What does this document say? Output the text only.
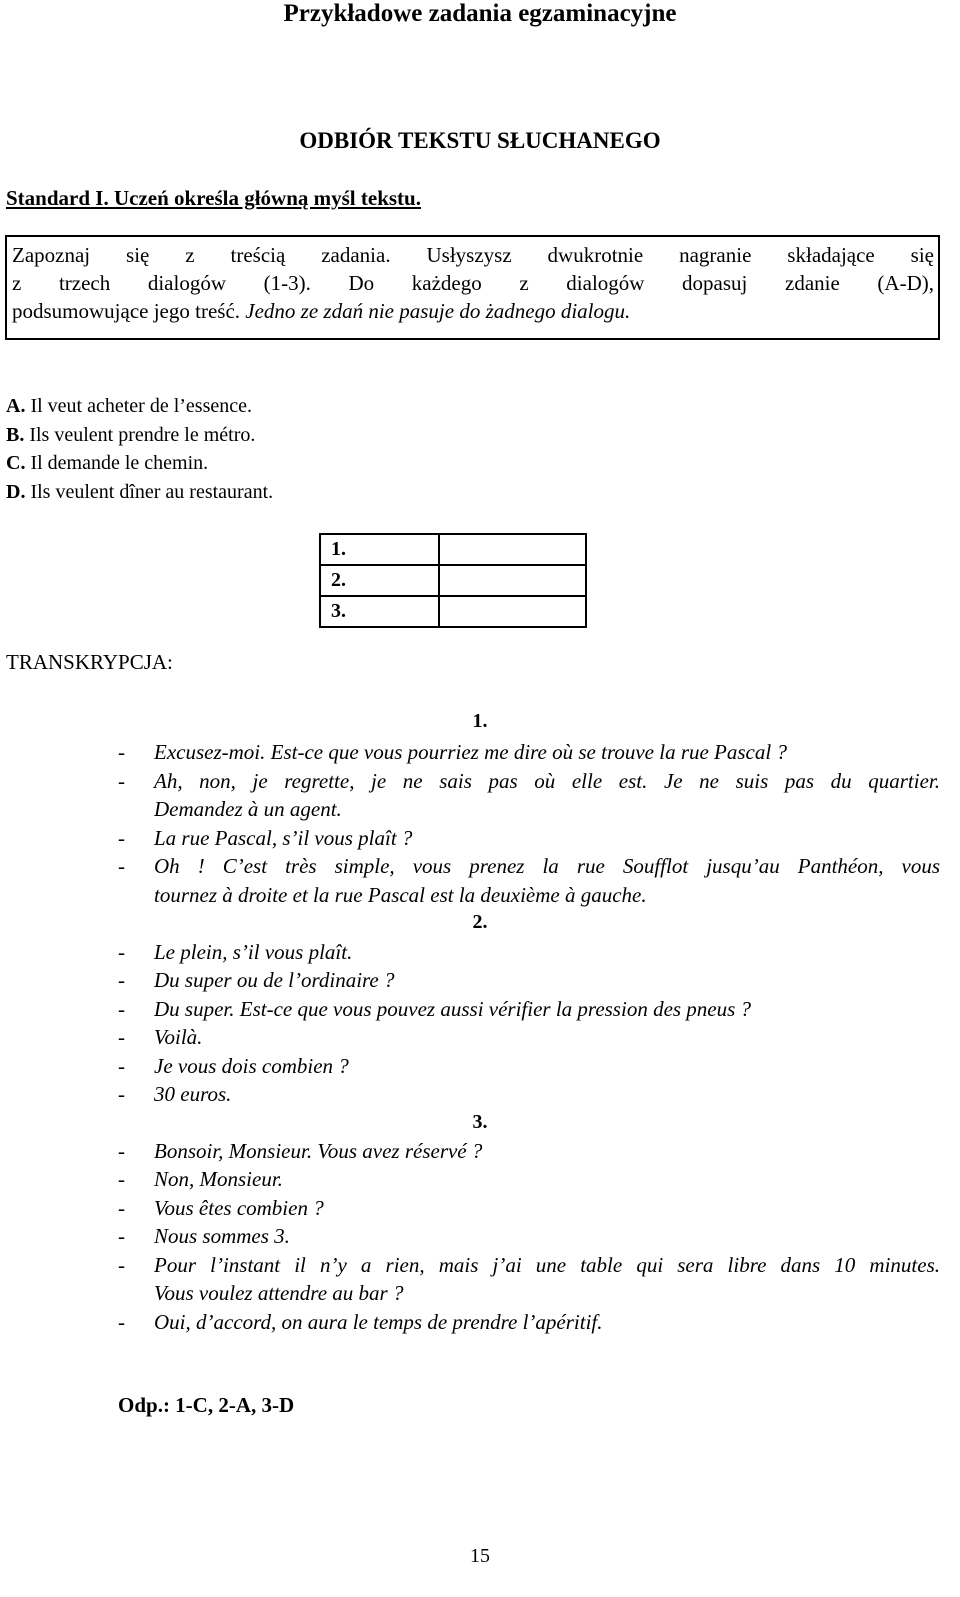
Przykładowe zadania egzaminacyjne
ODBIÓR TEKSTU SŁUCHANEGO
Standard I. Uczeń określa główną myśl tekstu.
Zapoznaj się z treścią zadania. Usłyszysz dwukrotnie nagranie składające się
z trzech dialogów (1-3). Do każdego z dialogów dopasuj zdanie (A-D),
podsumowujące jego treść. Jedno ze zdań nie pasuje do żadnego dialogu.
A. Il veut acheter de l’essence.
B. Ils veulent prendre le métro.
C. Il demande le chemin.
D. Ils veulent dîner au restaurant.
1.	
2.	
3.	
TRANSKRYPCJA:
1.
- Excusez-moi. Est-ce que vous pourriez me dire où se trouve la rue Pascal ?
- Ah, non, je regrette, je ne sais pas où elle est. Je ne suis pas du quartier.
Demandez à un agent.
- La rue Pascal, s’il vous plaît ?
- Oh ! C’est très simple, vous prenez la rue Soufflot jusqu’au Panthéon, vous
tournez à droite et la rue Pascal est la deuxième à gauche.
2.
- Le plein, s’il vous plaît.
- Du super ou de l’ordinaire ?
- Du super. Est-ce que vous pouvez aussi vérifier la pression des pneus ?
- Voilà.
- Je vous dois combien ?
- 30 euros.
3.
- Bonsoir, Monsieur. Vous avez réservé ?
- Non, Monsieur.
- Vous êtes combien ?
- Nous sommes 3.
- Pour l’instant il n’y a rien, mais j’ai une table qui sera libre dans 10 minutes.
Vous voulez attendre au bar ?
- Oui, d’accord, on aura le temps de prendre l’apéritif.
Odp.: 1-C, 2-A, 3-D
15
